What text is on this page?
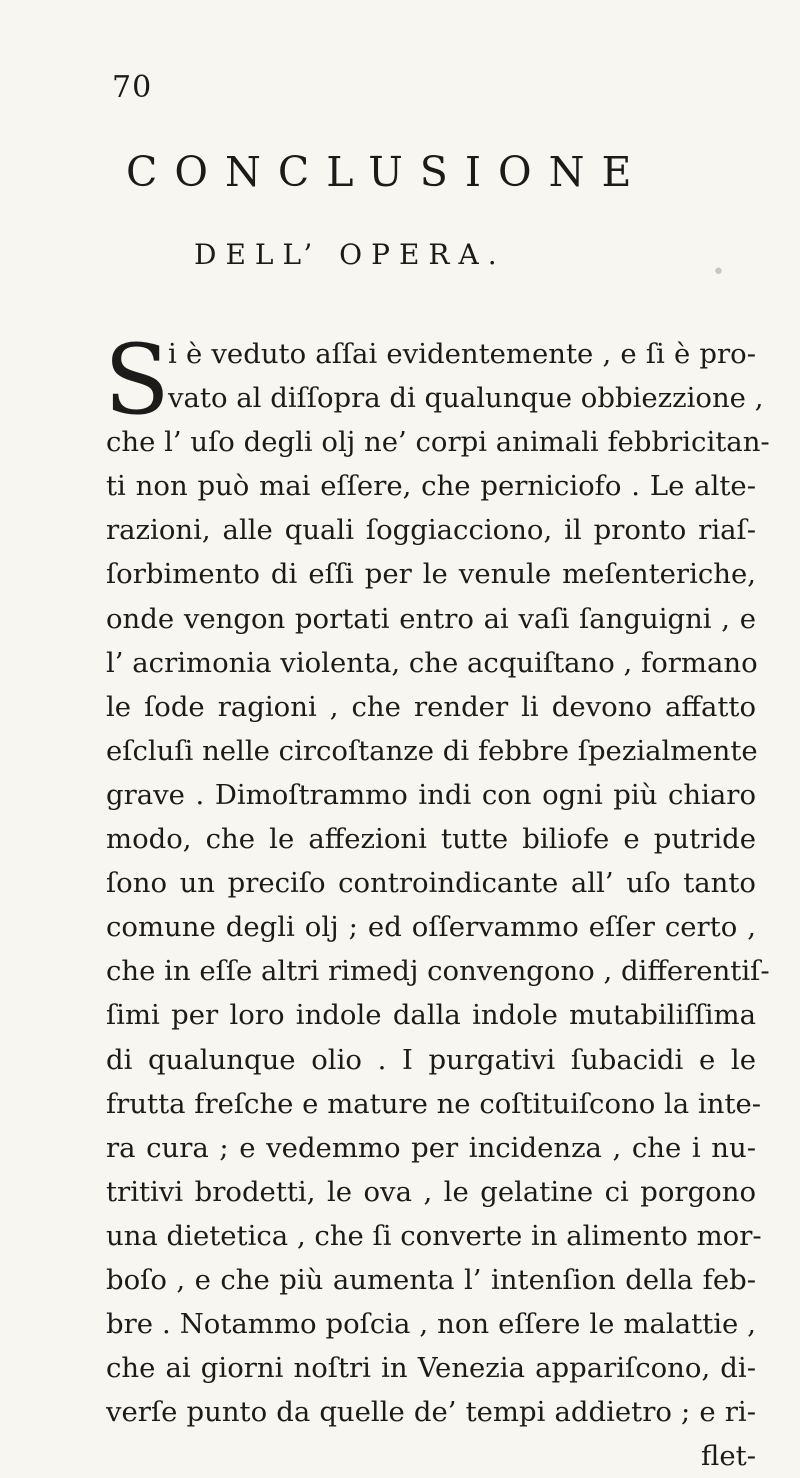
70
CONCLUSIONE
DELL’ OPERA.
•
S
i è veduto aſſai evidentemente , e ſi è pro-
vato al diſſopra di qualunque obbiezzione ,
che l’ uſo degli olj ne’ corpi animali febbricitan-
ti non può mai eſſere, che perniciofo . Le alte-
razioni, alle quali ſoggiacciono, il pronto riaſ-
ſorbimento di eſſi per le venule meſenteriche,
onde vengon portati entro ai vaſi ſanguigni , e
l’ acrimonia violenta, che acquiſtano , formano
le ſode ragioni , che render li devono affatto
eſcluſi nelle circoſtanze di febbre ſpezialmente
grave . Dimoſtrammo indi con ogni più chiaro
modo, che le affezioni tutte biliofe e putride
ſono un preciſo controindicante all’ uſo tanto
comune degli olj ; ed oſſervammo eſſer certo ,
che in eſſe altri rimedj convengono , differentiſ-
ſimi per loro indole dalla indole mutabiliſſima
di qualunque olio . I purgativi ſubacidi e le
frutta freſche e mature ne coſtituiſcono la inte-
ra cura ; e vedemmo per incidenza , che i nu-
tritivi brodetti, le ova , le gelatine ci porgono
una dietetica , che ſi converte in alimento mor-
boſo , e che più aumenta l’ intenſion della feb-
bre . Notammo poſcia , non eſſere le malattie ,
che ai giorni noſtri in Venezia appariſcono, di-
verſe punto da quelle de’ tempi addietro ; e ri-
flet-
